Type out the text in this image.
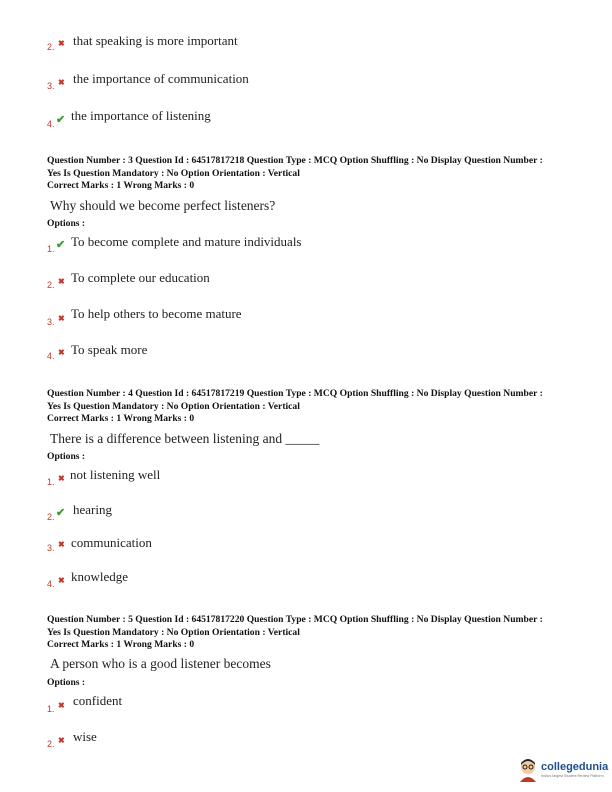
2. ✖ that speaking is more important
3. ✖ the importance of communication
4. ✔ the importance of listening
Question Number : 3 Question Id : 64517817218 Question Type : MCQ Option Shuffling : No Display Question Number :
Yes Is Question Mandatory : No Option Orientation : Vertical
Correct Marks : 1 Wrong Marks : 0
Why should we become perfect listeners?
Options :
1. ✔ To become complete and mature individuals
2. ✖ To complete our education
3. ✖ To help others to become mature
4. ✖ To speak more
Question Number : 4 Question Id : 64517817219 Question Type : MCQ Option Shuffling : No Display Question Number :
Yes Is Question Mandatory : No Option Orientation : Vertical
Correct Marks : 1 Wrong Marks : 0
There is a difference between listening and _____
Options :
1. ✖ not listening well
2. ✔ hearing
3. ✖ communication
4. ✖ knowledge
Question Number : 5 Question Id : 64517817220 Question Type : MCQ Option Shuffling : No Display Question Number :
Yes Is Question Mandatory : No Option Orientation : Vertical
Correct Marks : 1 Wrong Marks : 0
A person who is a good listener becomes
Options :
1. ✖ confident
2. ✖ wise
collegedunia
India's largest Student Review Platform
